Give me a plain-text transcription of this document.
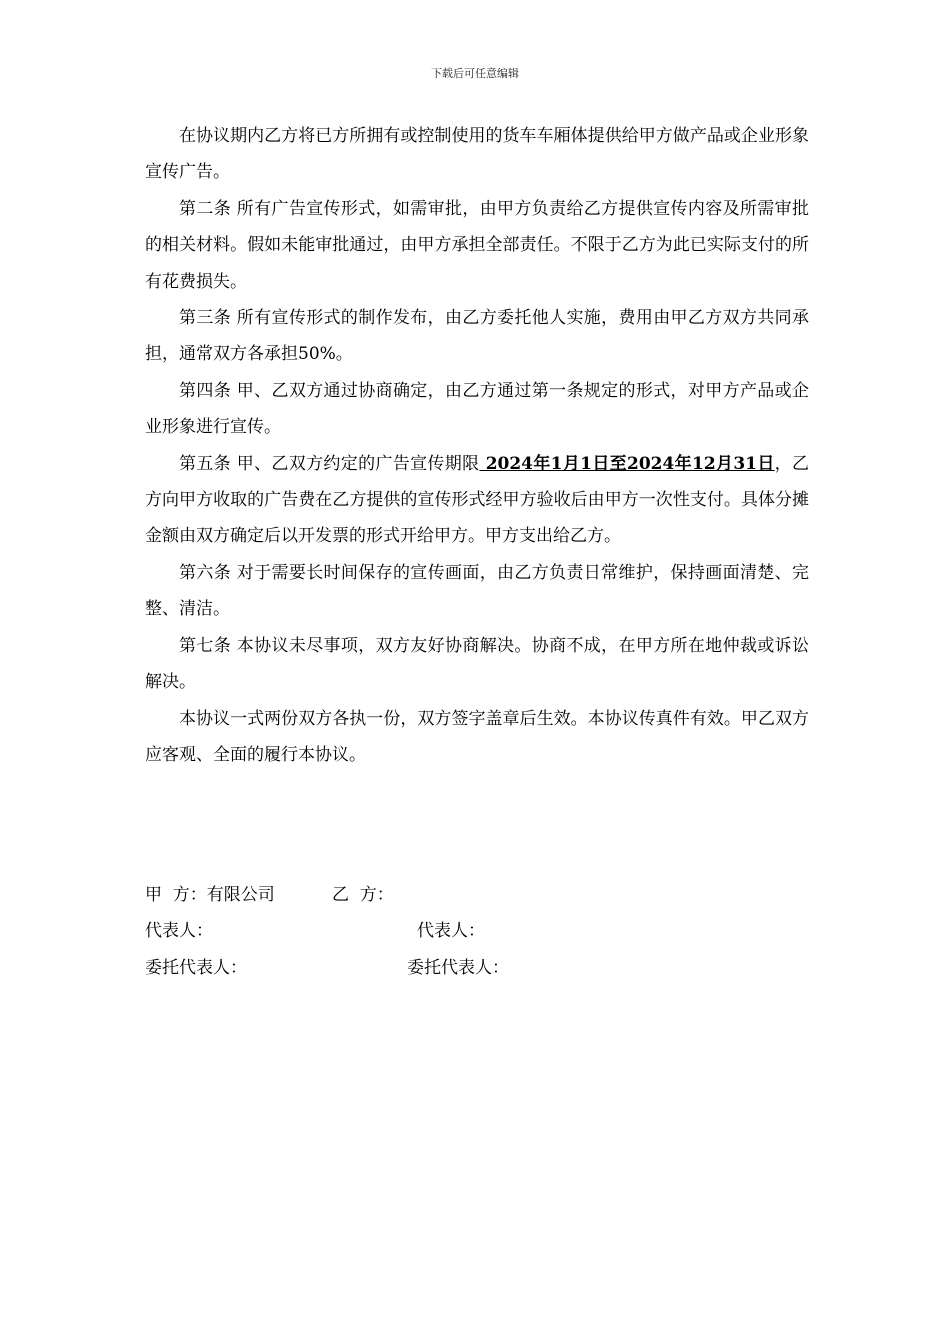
下载后可任意编辑

在协议期内乙方将已方所拥有或控制使用的货车车厢体提供给甲方做产品或企业形象宣传广告。

第二条 所有广告宣传形式，如需审批，由甲方负责给乙方提供宣传内容及所需审批的相关材料。假如未能审批通过，由甲方承担全部责任。不限于乙方为此已实际支付的所有花费损失。

第三条 所有宣传形式的制作发布，由乙方委托他人实施，费用由甲乙方双方共同承担，通常双方各承担50%。

第四条 甲、乙双方通过协商确定，由乙方通过第一条规定的形式，对甲方产品或企业形象进行宣传。

第五条 甲、乙双方约定的广告宣传期限 2024年1月1日至2024年12月31日，乙方向甲方收取的广告费在乙方提供的宣传形式经甲方验收后由甲方一次性支付。具体分摊金额由双方确定后以开发票的形式开给甲方。甲方支出给乙方。

第六条 对于需要长时间保存的宣传画面，由乙方负责日常维护，保持画面清楚、完整、清洁。

第七条 本协议未尽事项，双方友好协商解决。协商不成，在甲方所在地仲裁或诉讼解决。

本协议一式两份双方各执一份，双方签字盖章后生效。本协议传真件有效。甲乙双方应客观、全面的履行本协议。

甲  方：有限公司	乙  方：
代表人：	代表人：
委托代表人：	委托代表人：
